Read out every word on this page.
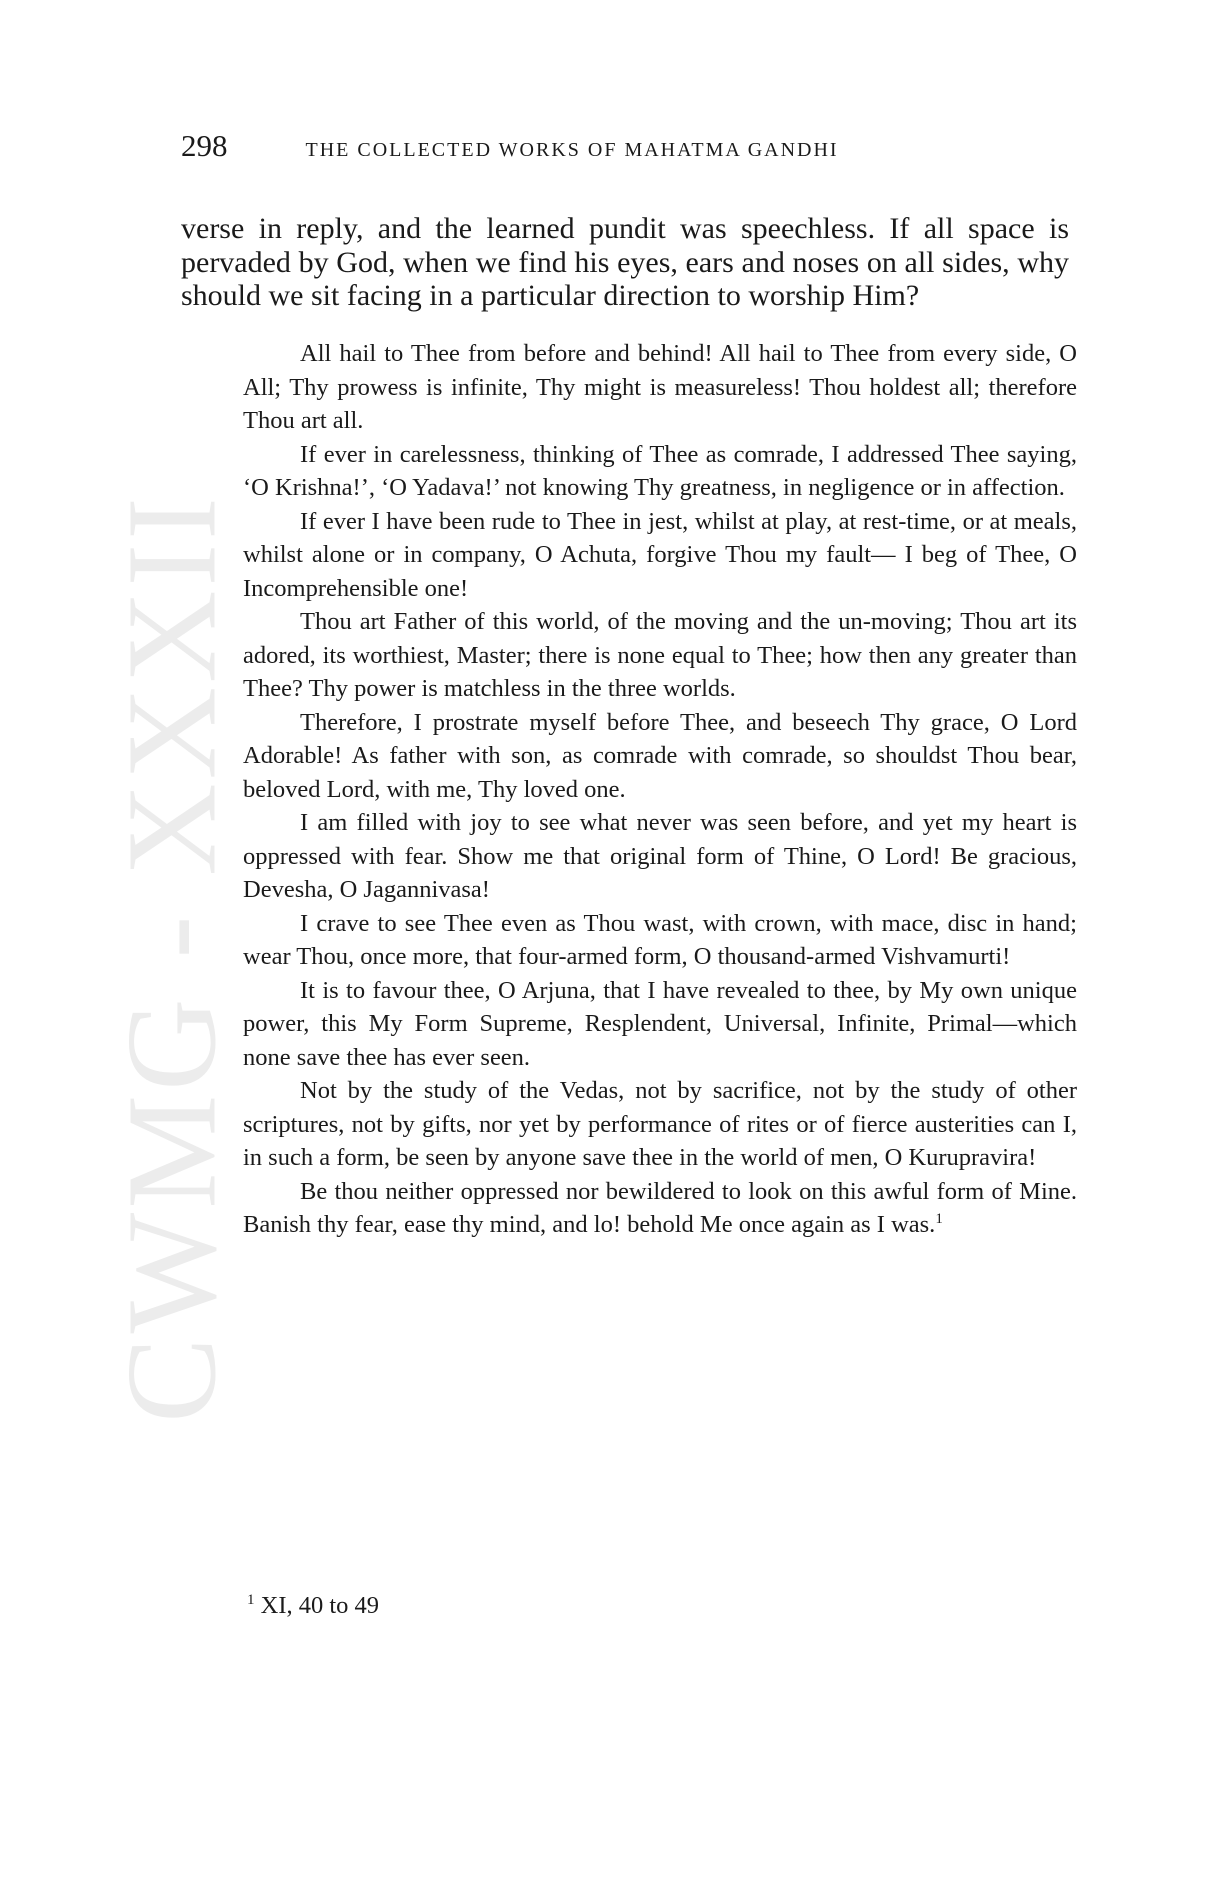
CWMG - XXXII
298	THE COLLECTED WORKS OF MAHATMA GANDHI

verse in reply, and the learned pundit was speechless. If all space is pervaded by God, when we find his eyes, ears and noses on all sides, why should we sit facing in a particular direction to worship Him?

All hail to Thee from before and behind! All hail to Thee from every side, O All; Thy prowess is infinite, Thy might is measureless! Thou holdest all; therefore Thou art all.

If ever in carelessness, thinking of Thee as comrade, I addressed Thee saying, ‘O Krishna!’, ‘O Yadava!’ not knowing Thy greatness, in negligence or in affection.

If ever I have been rude to Thee in jest, whilst at play, at rest-time, or at meals, whilst alone or in company, O Achuta, forgive Thou my fault— I beg of Thee, O Incomprehensible one!

Thou art Father of this world, of the moving and the un-moving; Thou art its adored, its worthiest, Master; there is none equal to Thee; how then any greater than Thee? Thy power is matchless in the three worlds.

Therefore, I prostrate myself before Thee, and beseech Thy grace, O Lord Adorable! As father with son, as comrade with comrade, so shouldst Thou bear, beloved Lord, with me, Thy loved one.

I am filled with joy to see what never was seen before, and yet my heart is oppressed with fear. Show me that original form of Thine, O Lord! Be gracious, Devesha, O Jagannivasa!

I crave to see Thee even as Thou wast, with crown, with mace, disc in hand; wear Thou, once more, that four-armed form, O thousand-armed Vishvamurti!

It is to favour thee, O Arjuna, that I have revealed to thee, by My own unique power, this My Form Supreme, Resplendent, Universal, Infinite, Primal—which none save thee has ever seen.

Not by the study of the Vedas, not by sacrifice, not by the study of other scriptures, not by gifts, nor yet by performance of rites or of fierce austerities can I, in such a form, be seen by anyone save thee in the world of men, O Kurupravira!

Be thou neither oppressed nor bewildered to look on this awful form of Mine. Banish thy fear, ease thy mind, and lo! behold Me once again as I was.$^1$

$^1$ XI, 40 to 49
